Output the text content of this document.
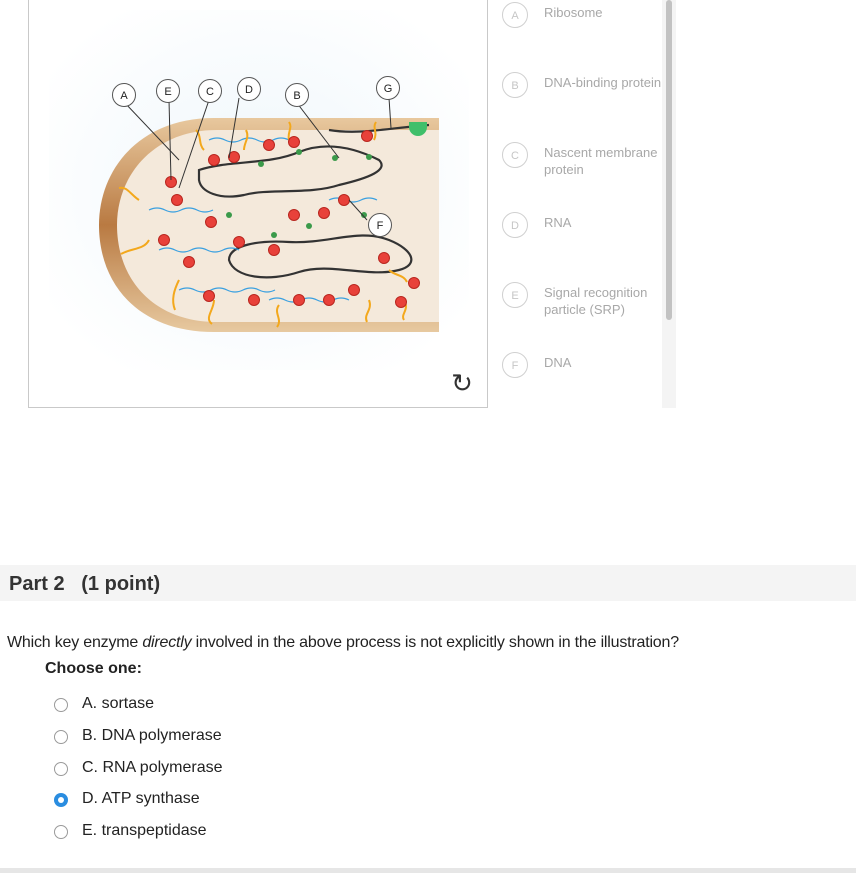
A	E	C	D	B
G
F
↻
A	Ribosome
B	DNA-binding protein
C	Nascent membrane protein
D	RNA
E	Signal recognition particle (SRP)
F	DNA
Part 2   (1 point)
Which key enzyme directly involved in the above process is not explicitly shown in the illustration?
Choose one:
A. sortase
B. DNA polymerase
C. RNA polymerase
D. ATP synthase
E. transpeptidase
